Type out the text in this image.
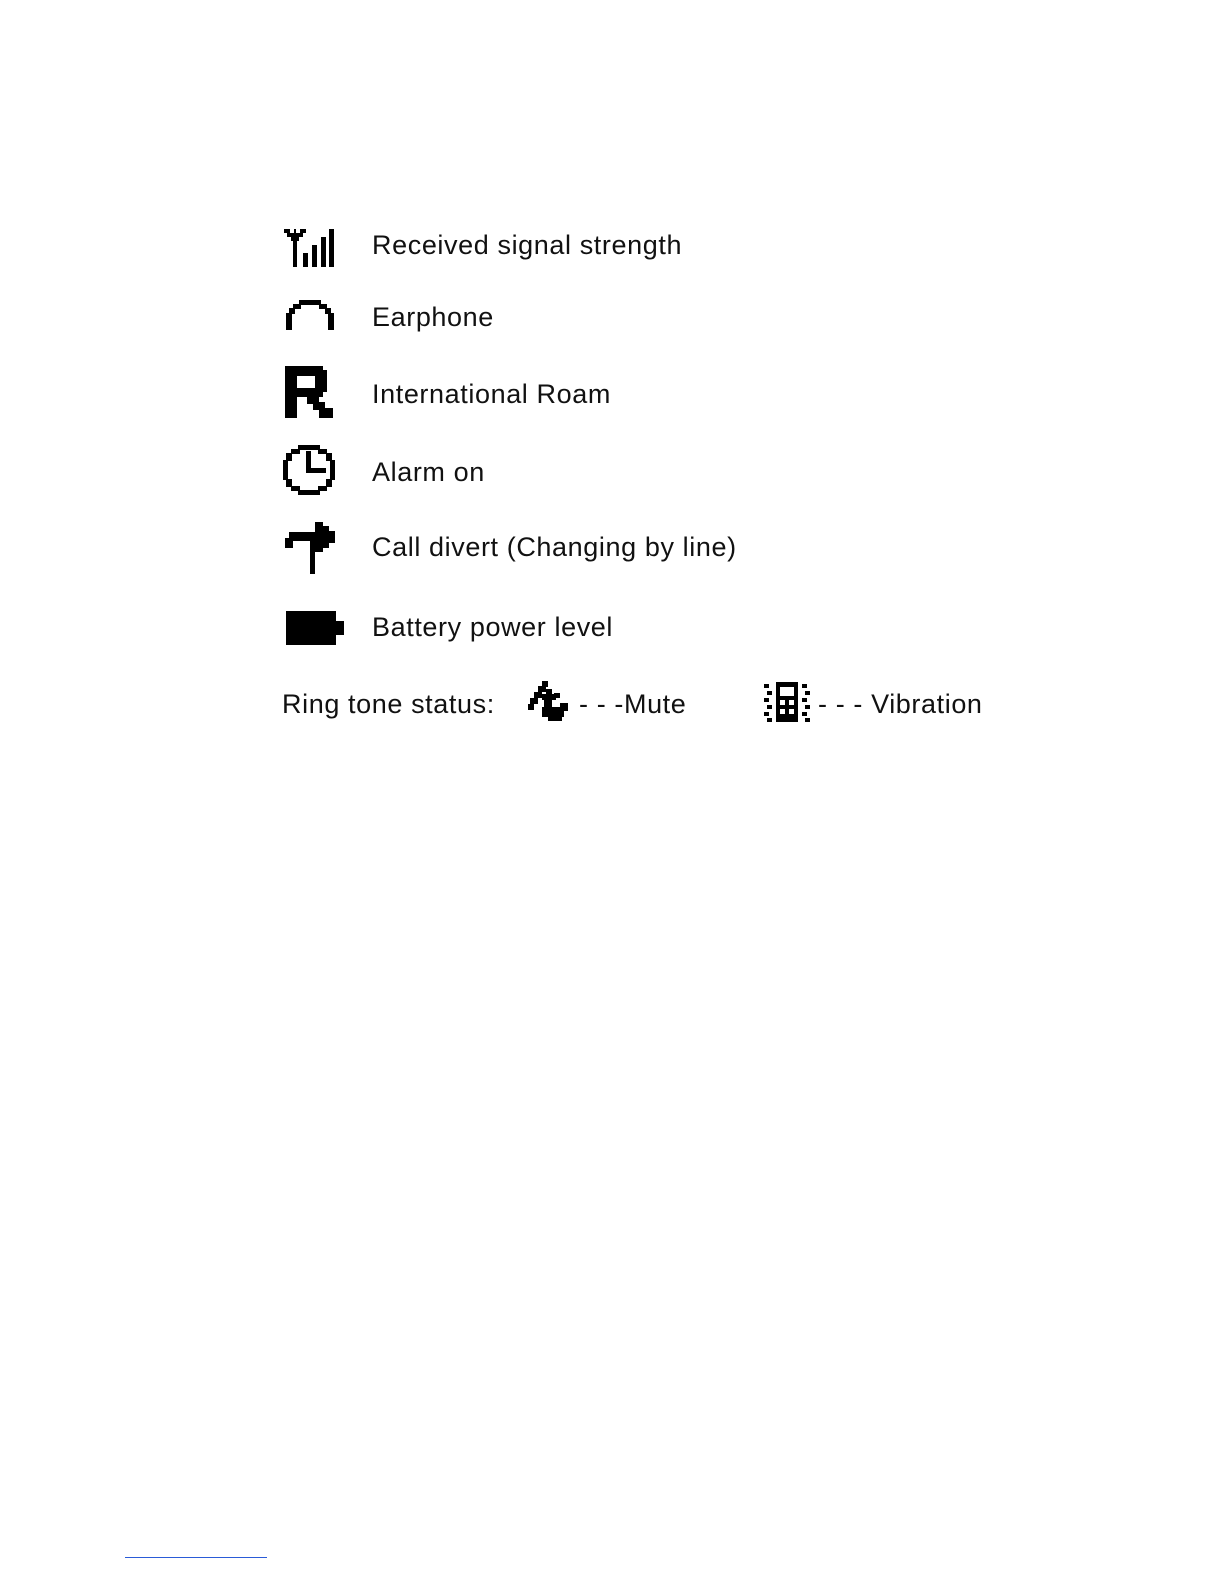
Received signal strength
Earphone
International Roam
Alarm on
Call divert (Changing by line)
Battery power level
Ring tone status:	- - -Mute	- - - Vibration
